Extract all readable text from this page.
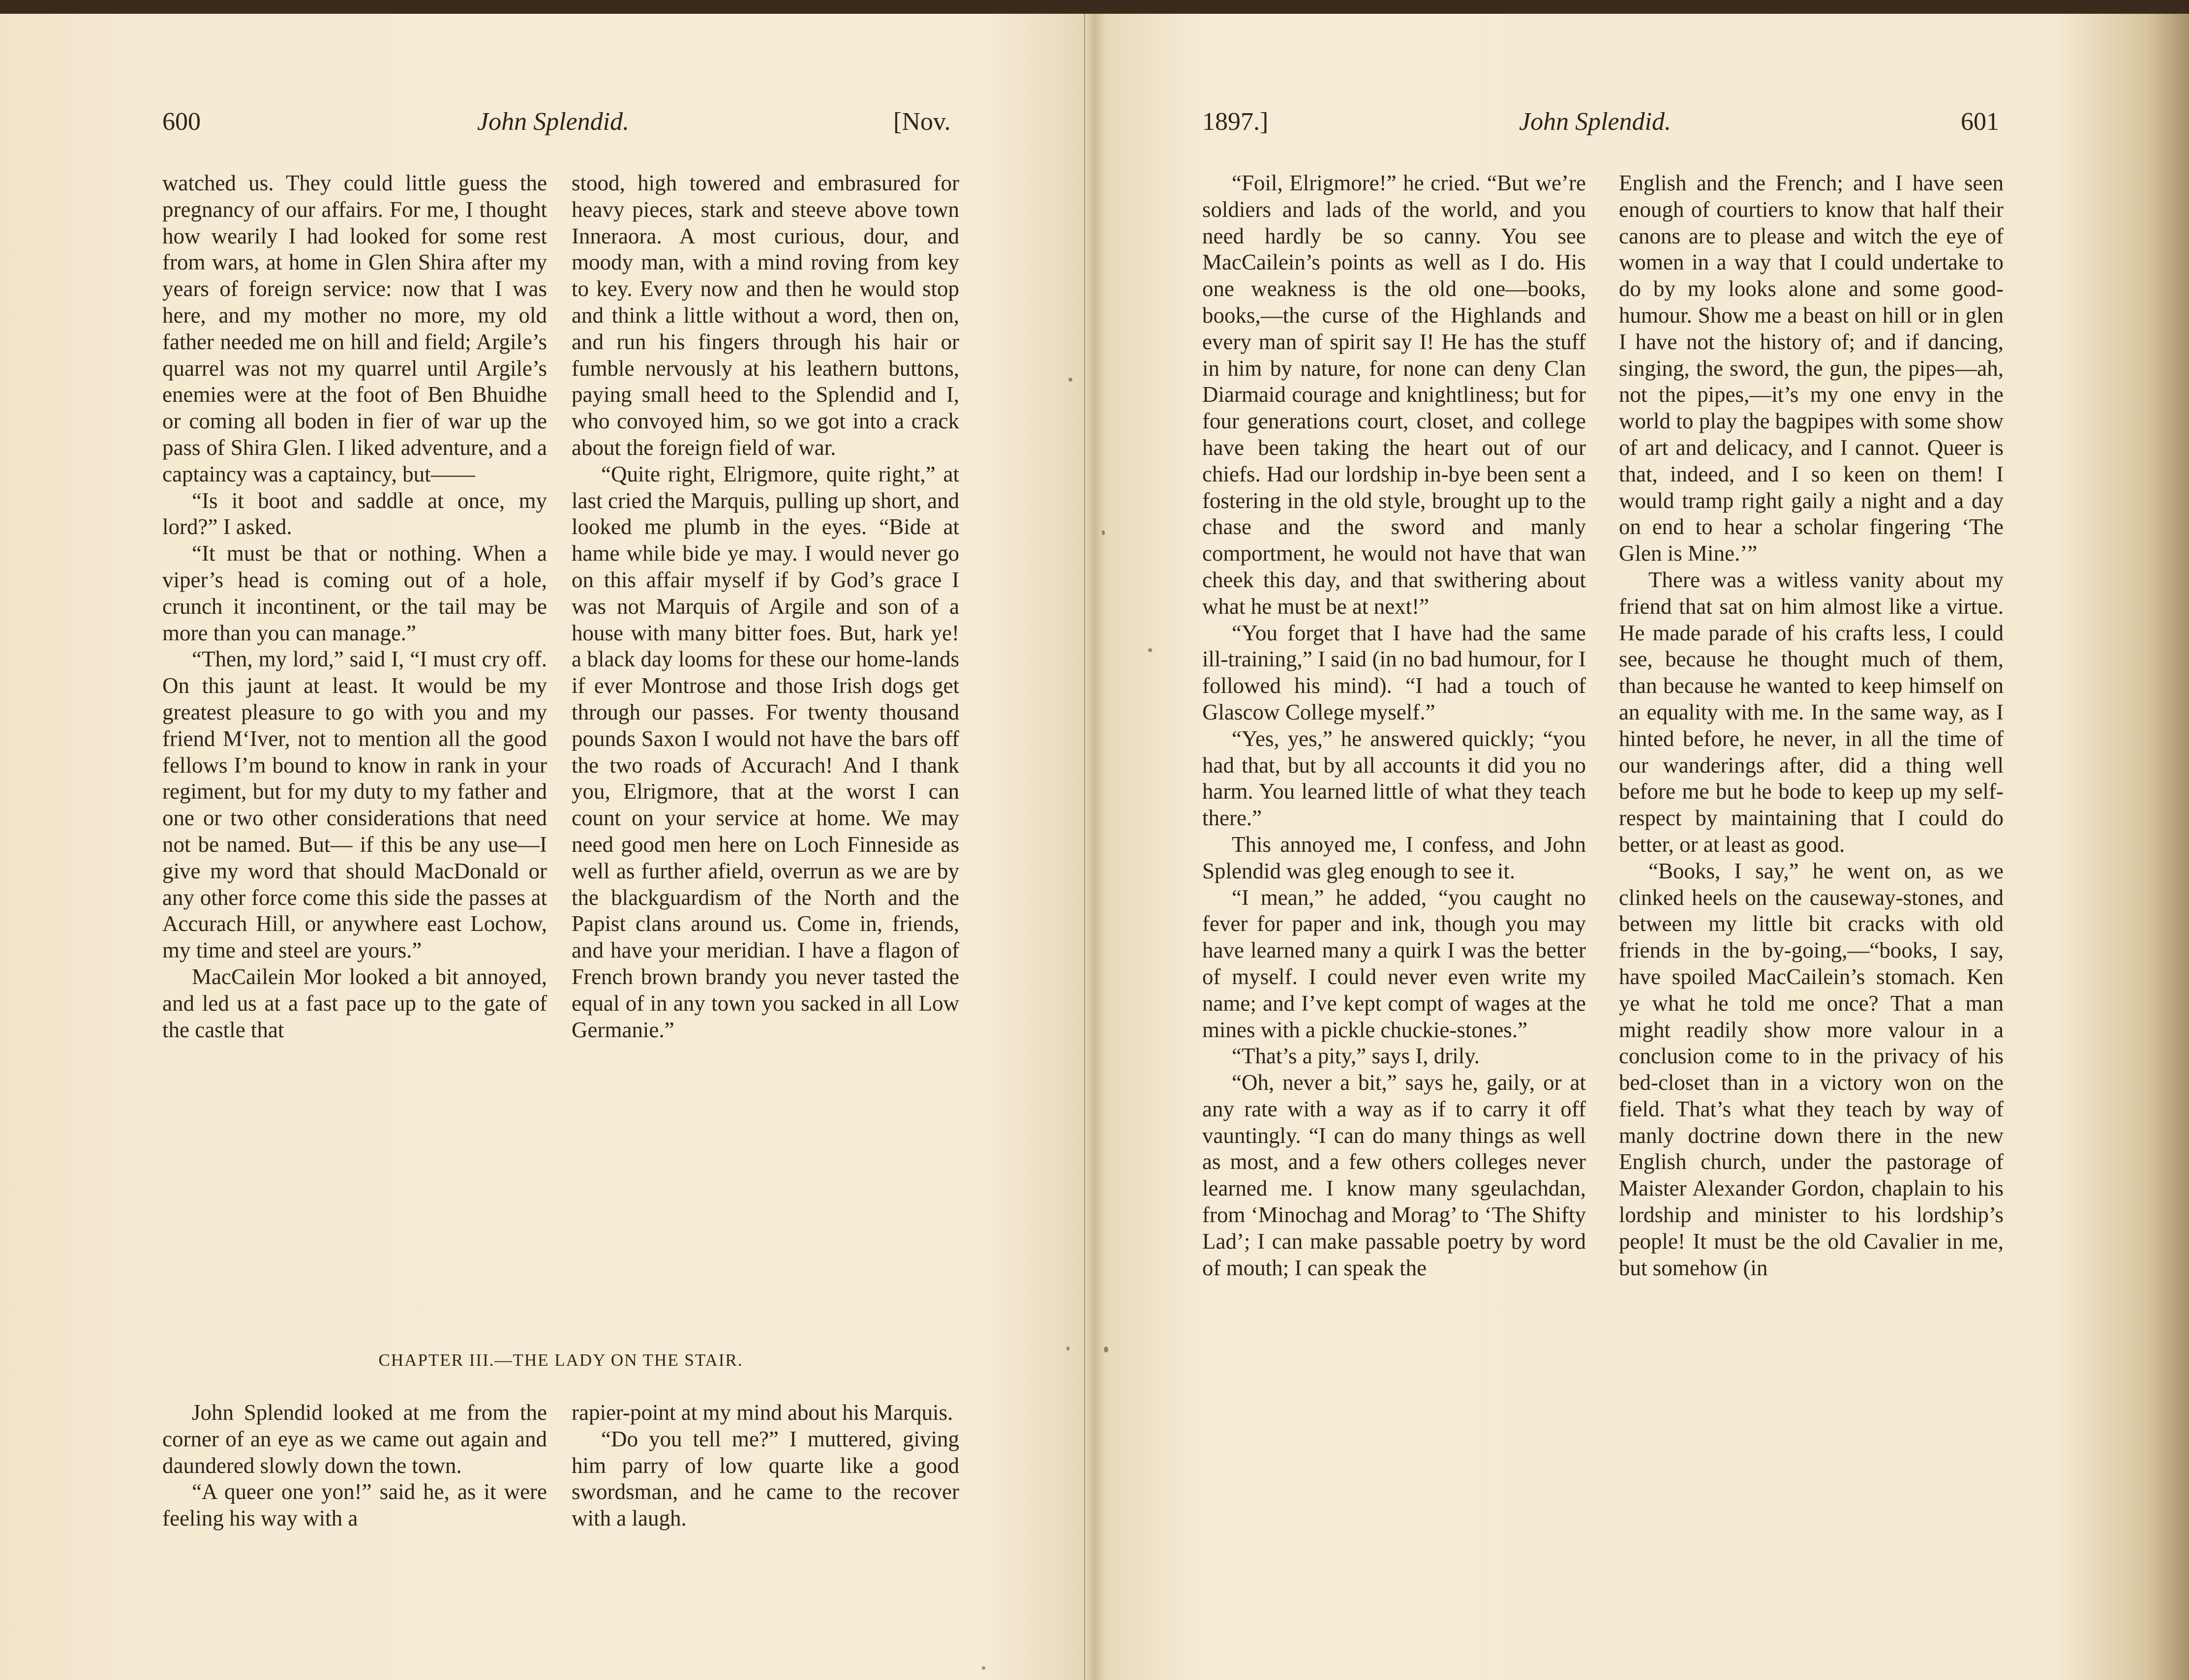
600	John Splendid.	[Nov.

watched us. They could little guess the pregnancy of our affairs. For me, I thought how wearily I had looked for some rest from wars, at home in Glen Shira after my years of foreign service: now that I was here, and my mother no more, my old father needed me on hill and field; Argile’s quarrel was not my quarrel until Argile’s enemies were at the foot of Ben Bhuidhe or coming all boden in fier of war up the pass of Shira Glen. I liked adventure, and a captaincy was a captaincy, but——

“Is it boot and saddle at once, my lord?” I asked.

“It must be that or nothing. When a viper’s head is coming out of a hole, crunch it incontinent, or the tail may be more than you can manage.”

“Then, my lord,” said I, “I must cry off. On this jaunt at least. It would be my greatest pleasure to go with you and my friend M‘Iver, not to mention all the good fellows I’m bound to know in rank in your regiment, but for my duty to my father and one or two other considerations that need not be named. But— if this be any use—I give my word that should MacDonald or any other force come this side the passes at Accurach Hill, or anywhere east Lochow, my time and steel are yours.”

MacCailein Mor looked a bit annoyed, and led us at a fast pace up to the gate of the castle that

stood, high towered and embrasured for heavy pieces, stark and steeve above town Inneraora. A most curious, dour, and moody man, with a mind roving from key to key. Every now and then he would stop and think a little without a word, then on, and run his fingers through his hair or fumble nervously at his leathern buttons, paying small heed to the Splendid and I, who convoyed him, so we got into a crack about the foreign field of war.

“Quite right, Elrigmore, quite right,” at last cried the Marquis, pulling up short, and looked me plumb in the eyes. “Bide at hame while bide ye may. I would never go on this affair myself if by God’s grace I was not Marquis of Argile and son of a house with many bitter foes. But, hark ye! a black day looms for these our home-lands if ever Montrose and those Irish dogs get through our passes. For twenty thousand pounds Saxon I would not have the bars off the two roads of Accurach! And I thank you, Elrigmore, that at the worst I can count on your service at home. We may need good men here on Loch Finneside as well as further afield, overrun as we are by the blackguardism of the North and the Papist clans around us. Come in, friends, and have your meridian. I have a flagon of French brown brandy you never tasted the equal of in any town you sacked in all Low Germanie.”

CHAPTER III.—THE LADY ON THE STAIR.

John Splendid looked at me from the corner of an eye as we came out again and daundered slowly down the town.

“A queer one yon!” said he, as it were feeling his way with a

rapier-point at my mind about his Marquis.

“Do you tell me?” I muttered, giving him parry of low quarte like a good swordsman, and he came to the recover with a laugh.

1897.]	John Splendid.	601

“Foil, Elrigmore!” he cried. “But we’re soldiers and lads of the world, and you need hardly be so canny. You see MacCailein’s points as well as I do. His one weakness is the old one—books, books,—the curse of the Highlands and every man of spirit say I! He has the stuff in him by nature, for none can deny Clan Diarmaid courage and knightliness; but for four generations court, closet, and college have been taking the heart out of our chiefs. Had our lordship in-bye been sent a fostering in the old style, brought up to the chase and the sword and manly comportment, he would not have that wan cheek this day, and that swithering about what he must be at next!”

“You forget that I have had the same ill-training,” I said (in no bad humour, for I followed his mind). “I had a touch of Glascow College myself.”

“Yes, yes,” he answered quickly; “you had that, but by all accounts it did you no harm. You learned little of what they teach there.”

This annoyed me, I confess, and John Splendid was gleg enough to see it.

“I mean,” he added, “you caught no fever for paper and ink, though you may have learned many a quirk I was the better of myself. I could never even write my name; and I’ve kept compt of wages at the mines with a pickle chuckie-stones.”

“That’s a pity,” says I, drily.

“Oh, never a bit,” says he, gaily, or at any rate with a way as if to carry it off vauntingly. “I can do many things as well as most, and a few others colleges never learned me. I know many sgeulachdan, from ‘Minochag and Morag’ to ‘The Shifty Lad’; I can make passable poetry by word of mouth; I can speak the

English and the French; and I have seen enough of courtiers to know that half their canons are to please and witch the eye of women in a way that I could undertake to do by my looks alone and some good-humour. Show me a beast on hill or in glen I have not the history of; and if dancing, singing, the sword, the gun, the pipes—ah, not the pipes,—it’s my one envy in the world to play the bagpipes with some show of art and delicacy, and I cannot. Queer is that, indeed, and I so keen on them! I would tramp right gaily a night and a day on end to hear a scholar fingering ‘The Glen is Mine.’”

There was a witless vanity about my friend that sat on him almost like a virtue. He made parade of his crafts less, I could see, because he thought much of them, than because he wanted to keep himself on an equality with me. In the same way, as I hinted before, he never, in all the time of our wanderings after, did a thing well before me but he bode to keep up my self-respect by maintaining that I could do better, or at least as good.

“Books, I say,” he went on, as we clinked heels on the causeway-stones, and between my little bit cracks with old friends in the by-going,—“books, I say, have spoiled MacCailein’s stomach. Ken ye what he told me once? That a man might readily show more valour in a conclusion come to in the privacy of his bed-closet than in a victory won on the field. That’s what they teach by way of manly doctrine down there in the new English church, under the pastorage of Maister Alexander Gordon, chaplain to his lordship and minister to his lordship’s people! It must be the old Cavalier in me, but somehow (in
